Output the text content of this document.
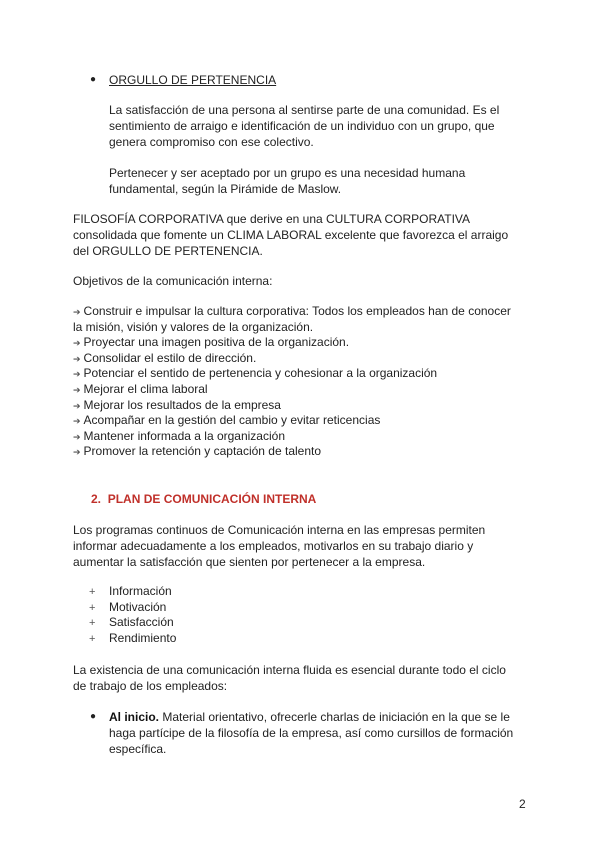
● ORGULLO DE PERTENENCIA
La satisfacción de una persona al sentirse parte de una comunidad. Es el
sentimiento de arraigo e identificación de un individuo con un grupo, que
genera compromiso con ese colectivo.
Pertenecer y ser aceptado por un grupo es una necesidad humana
fundamental, según la Pirámide de Maslow.
FILOSOFÍA CORPORATIVA que derive en una CULTURA CORPORATIVA
consolidada que fomente un CLIMA LABORAL excelente que favorezca el arraigo
del ORGULLO DE PERTENENCIA.
Objetivos de la comunicación interna:
➔ Construir e impulsar la cultura corporativa: Todos los empleados han de conocer
la misión, visión y valores de la organización.
➔ Proyectar una imagen positiva de la organización.
➔ Consolidar el estilo de dirección.
➔ Potenciar el sentido de pertenencia y cohesionar a la organización
➔ Mejorar el clima laboral
➔ Mejorar los resultados de la empresa
➔ Acompañar en la gestión del cambio y evitar reticencias
➔ Mantener informada a la organización
➔ Promover la retención y captación de talento
2. PLAN DE COMUNICACIÓN INTERNA
Los programas continuos de Comunicación interna en las empresas permiten
informar adecuadamente a los empleados, motivarlos en su trabajo diario y
aumentar la satisfacción que sienten por pertenecer a la empresa.
+ Información
+ Motivación
+ Satisfacción
+ Rendimiento
La existencia de una comunicación interna fluida es esencial durante todo el ciclo
de trabajo de los empleados:
● Al inicio. Material orientativo, ofrecerle charlas de iniciación en la que se le
haga partícipe de la filosofía de la empresa, así como cursillos de formación
específica.
2
